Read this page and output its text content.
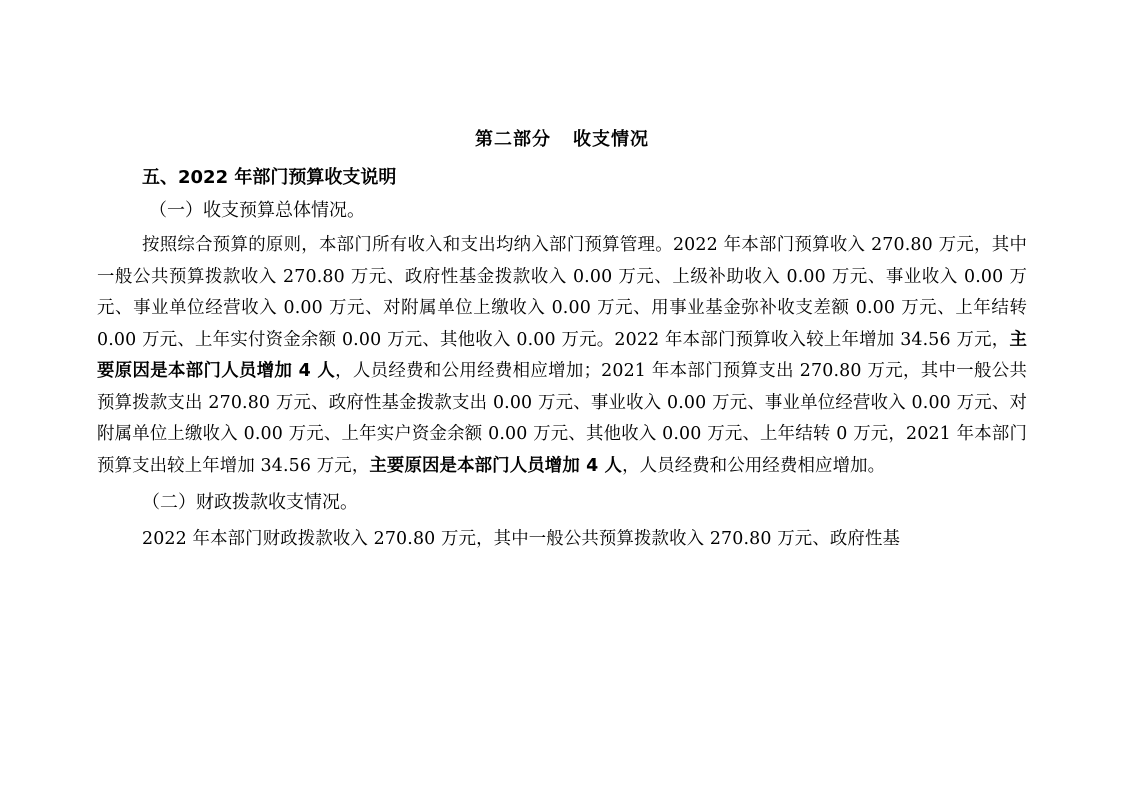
第二部分 收支情况
五、2022 年部门预算收支说明
（一）收支预算总体情况。

按照综合预算的原则，本部门所有收入和支出均纳入部门预算管理。2022 年本部门预算收入 270.80 万元，其中一般公共预算拨款收入 270.80 万元、政府性基金拨款收入 0.00 万元、上级补助收入 0.00 万元、事业收入 0.00 万元、事业单位经营收入 0.00 万元、对附属单位上缴收入 0.00 万元、用事业基金弥补收支差额 0.00 万元、上年结转 0.00 万元、上年实付资金余额 0.00 万元、其他收入 0.00 万元。2022 年本部门预算收入较上年增加 34.56 万元，主要原因是本部门人员增加 4 人，人员经费和公用经费相应增加；2021 年本部门预算支出 270.80 万元，其中一般公共预算拨款支出 270.80 万元、政府性基金拨款支出 0.00 万元、事业收入 0.00 万元、事业单位经营收入 0.00 万元、对附属单位上缴收入 0.00 万元、上年实户资金余额 0.00 万元、其他收入 0.00 万元、上年结转 0 万元，2021 年本部门预算支出较上年增加 34.56 万元，主要原因是本部门人员增加 4 人，人员经费和公用经费相应增加。

（二）财政拨款收支情况。

2022 年本部门财政拨款收入 270.80 万元，其中一般公共预算拨款收入 270.80 万元、政府性基
